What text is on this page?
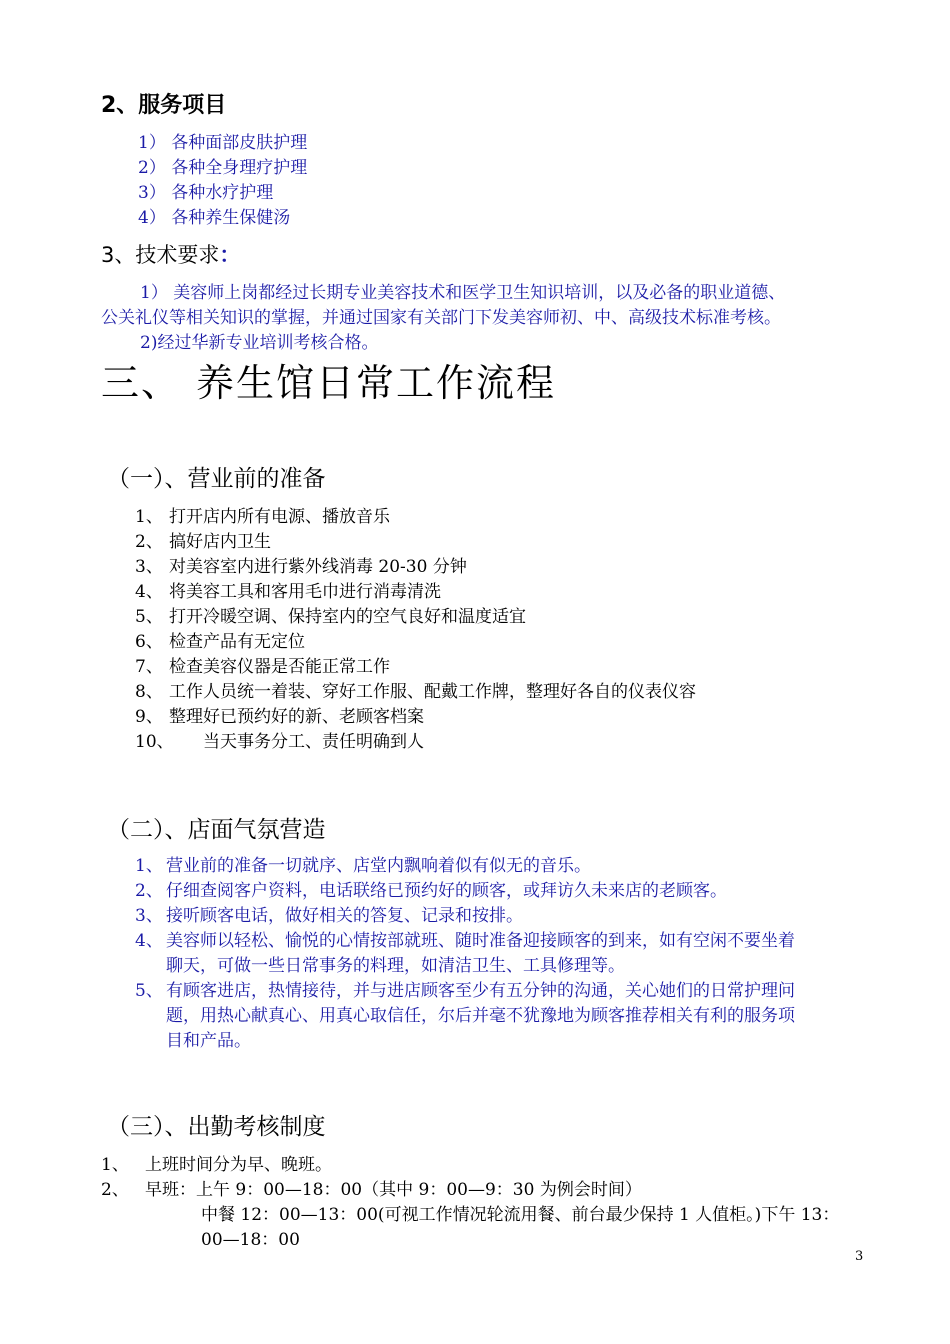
2、服务项目
1） 各种面部皮肤护理
2） 各种全身理疗护理
3） 各种水疗护理
4） 各种养生保健汤
3、技术要求：
1） 美容师上岗都经过长期专业美容技术和医学卫生知识培训，以及必备的职业道德、
公关礼仪等相关知识的掌握，并通过国家有关部门下发美容师初、中、高级技术标准考核。
2)经过华新专业培训考核合格。
三、 养生馆日常工作流程
（一）、营业前的准备
1、 打开店内所有电源、播放音乐
2、 搞好店内卫生
3、 对美容室内进行紫外线消毒 20-30 分钟
4、 将美容工具和客用毛巾进行消毒清洗
5、 打开冷暖空调、保持室内的空气良好和温度适宜
6、 检查产品有无定位
7、 检查美容仪器是否能正常工作
8、 工作人员统一着装、穿好工作服、配戴工作牌，整理好各自的仪表仪容
9、 整理好已预约好的新、老顾客档案
10、 当天事务分工、责任明确到人
（二）、店面气氛营造
1、 营业前的准备一切就序、店堂内飘响着似有似无的音乐。
2、 仔细查阅客户资料，电话联络已预约好的顾客，或拜访久未来店的老顾客。
3、 接听顾客电话，做好相关的答复、记录和按排。
4、 美容师以轻松、愉悦的心情按部就班、随时准备迎接顾客的到来，如有空闲不要坐着
聊天，可做一些日常事务的料理，如清洁卫生、工具修理等。
5、 有顾客进店，热情接待，并与进店顾客至少有五分钟的沟通，关心她们的日常护理问
题，用热心献真心、用真心取信任，尔后并毫不犹豫地为顾客推荐相关有利的服务项
目和产品。
（三）、出勤考核制度
1、 上班时间分为早、晚班。
2、 早班：上午 9：00—18：00（其中 9：00—9：30 为例会时间）
中餐 12：00—13：00(可视工作情况轮流用餐、前台最少保持 1 人值柜。)下午 13：
00—18：00
3
